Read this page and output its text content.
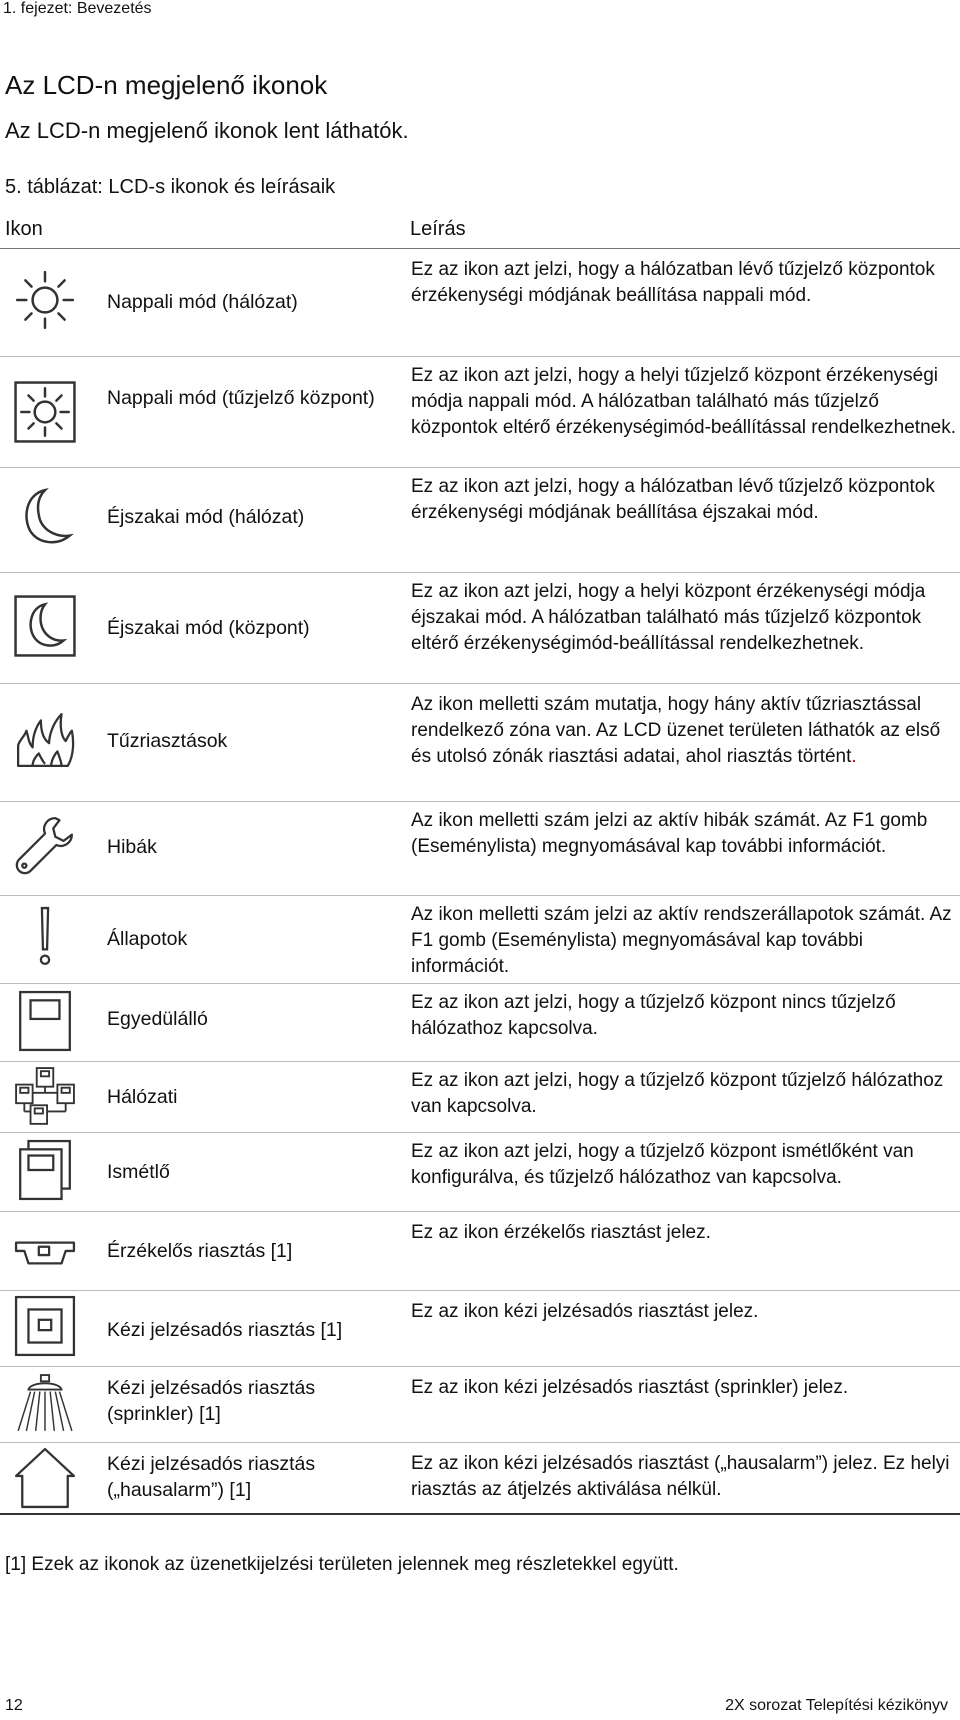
1. fejezet: Bevezetés
Az LCD-n megjelenő ikonok
Az LCD-n megjelenő ikonok lent láthatók.
5. táblázat: LCD-s ikonok és leírásaik
Ikon	Leírás
Nappali mód (hálózat)
Ez az ikon azt jelzi, hogy a hálózatban lévő tűzjelző központok érzékenységi módjának beállítása nappali mód.
Nappali mód (tűzjelző központ)
Ez az ikon azt jelzi, hogy a helyi tűzjelző központ érzékenységi módja nappali mód. A hálózatban található más tűzjelző központok eltérő érzékenységimód-beállítással rendelkezhetnek.
Éjszakai mód (hálózat)
Ez az ikon azt jelzi, hogy a hálózatban lévő tűzjelző központok érzékenységi módjának beállítása éjszakai mód.
Éjszakai mód (központ)
Ez az ikon azt jelzi, hogy a helyi központ érzékenységi módja éjszakai mód. A hálózatban található más tűzjelző központok eltérő érzékenységimód-beállítással rendelkezhetnek.
Tűzriasztások
Az ikon melletti szám mutatja, hogy hány aktív tűzriasztással rendelkező zóna van. Az LCD üzenet területen láthatók az első és utolsó zónák riasztási adatai, ahol riasztás történt.
Hibák
Az ikon melletti szám jelzi az aktív hibák számát. Az F1 gomb (Eseménylista) megnyomásával kap további információt.
Állapotok
Az ikon melletti szám jelzi az aktív rendszerállapotok számát. Az F1 gomb (Eseménylista) megnyomásával kap további információt.
Egyedülálló
Ez az ikon azt jelzi, hogy a tűzjelző központ nincs tűzjelző hálózathoz kapcsolva.
Hálózati
Ez az ikon azt jelzi, hogy a tűzjelző központ tűzjelző hálózathoz van kapcsolva.
Ismétlő
Ez az ikon azt jelzi, hogy a tűzjelző központ ismétlőként van konfigurálva, és tűzjelző hálózathoz van kapcsolva.
Érzékelős riasztás [1]
Ez az ikon érzékelős riasztást jelez.
Kézi jelzésadós riasztás [1]
Ez az ikon kézi jelzésadós riasztást jelez.
Kézi jelzésadós riasztás (sprinkler) [1]
Ez az ikon kézi jelzésadós riasztást (sprinkler) jelez.
Kézi jelzésadós riasztás („hausalarm”) [1]
Ez az ikon kézi jelzésadós riasztást („hausalarm”) jelez. Ez helyi riasztás az átjelzés aktiválása nélkül.
[1] Ezek az ikonok az üzenetkijelzési területen jelennek meg részletekkel együtt.
12	2X sorozat Telepítési kézikönyv
